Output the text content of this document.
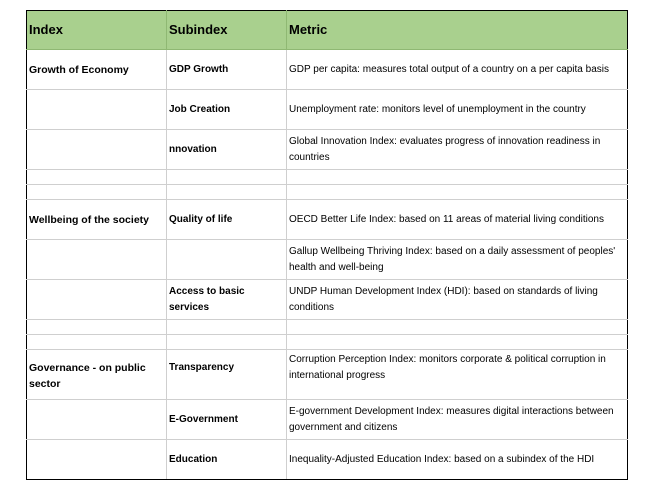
Index	Subindex	Metric
Growth of Economy	GDP Growth	GDP per capita: measures total output of a country on a per capita basis
	Job Creation	Unemployment rate: monitors level of unemployment in the country
	nnovation	Global Innovation Index: evaluates progress of innovation readiness in countries

Wellbeing of the society	Quality of life	OECD Better Life Index: based on 11 areas of material living conditions
		Gallup Wellbeing Thriving Index: based on a daily assessment of peoples' health and well-being
	Access to basic services	UNDP Human Development Index (HDI): based on standards of living conditions

Governance - on public sector	Transparency	Corruption Perception Index: monitors corporate & political corruption in international progress
	E-Government	E-government Development Index: measures digital interactions between government and citizens
	Education	Inequality-Adjusted Education Index: based on a subindex of the HDI
